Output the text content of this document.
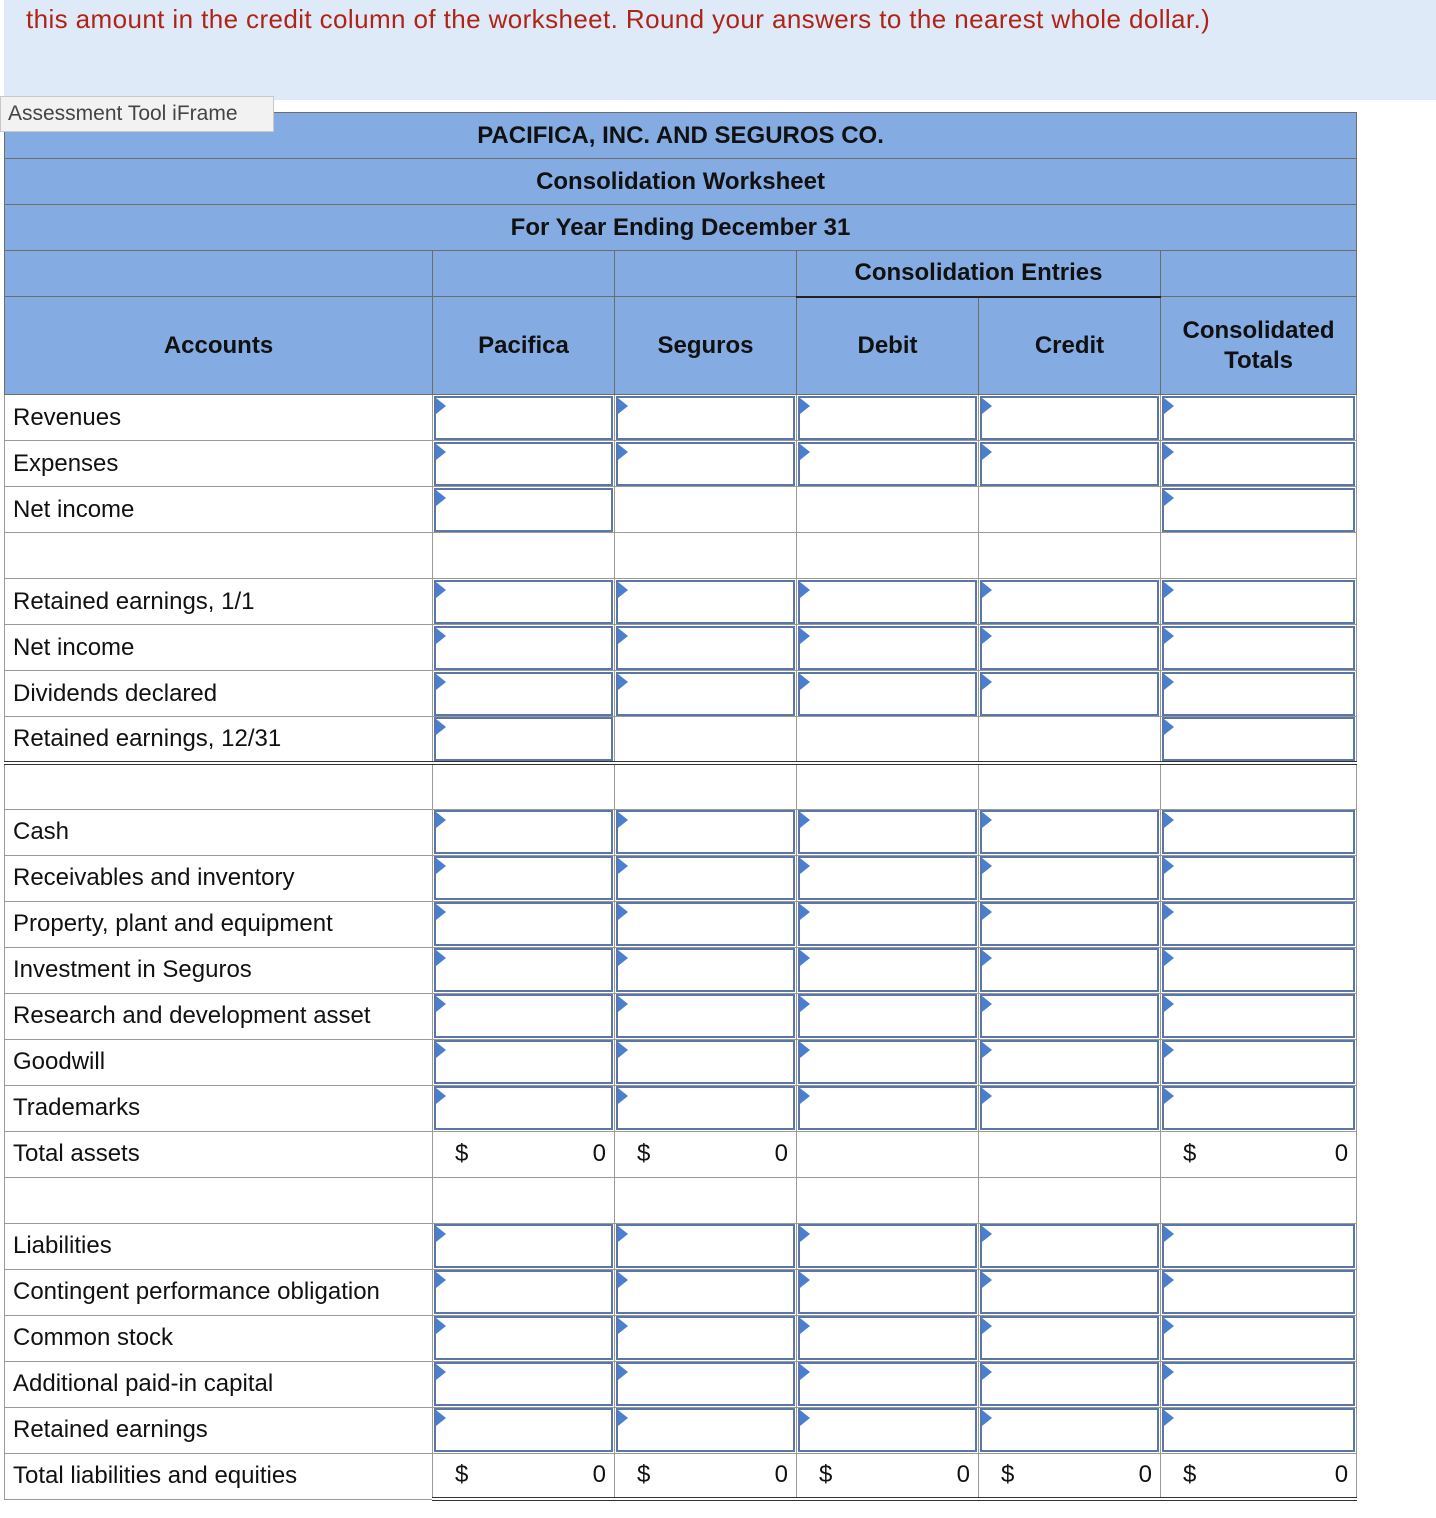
this amount in the credit column of the worksheet. Round your answers to the nearest whole dollar.)
Assessment Tool iFrame
PACIFICA, INC. AND SEGUROS CO.					
Consolidation Worksheet					
For Year Ending December 31					
			Consolidation Entries		
Accounts	Pacifica	Seguros	Debit	Credit	Consolidated
Totals
Revenues	

Expenses	

Net income	

Retained earnings, 1/1	

Net income	

Dividends declared	

Retained earnings, 12/31	

Cash	

Receivables and inventory	

Property, plant and equipment	

Investment in Seguros	

Research and development asset	

Goodwill	

Trademarks	

Total assets	$ 0	$ 0			$ 0

Liabilities	

Contingent performance obligation	

Common stock	

Additional paid-in capital	

Retained earnings	

Total liabilities and equities	$ 0	$ 0	$ 0	$ 0	$ 0
